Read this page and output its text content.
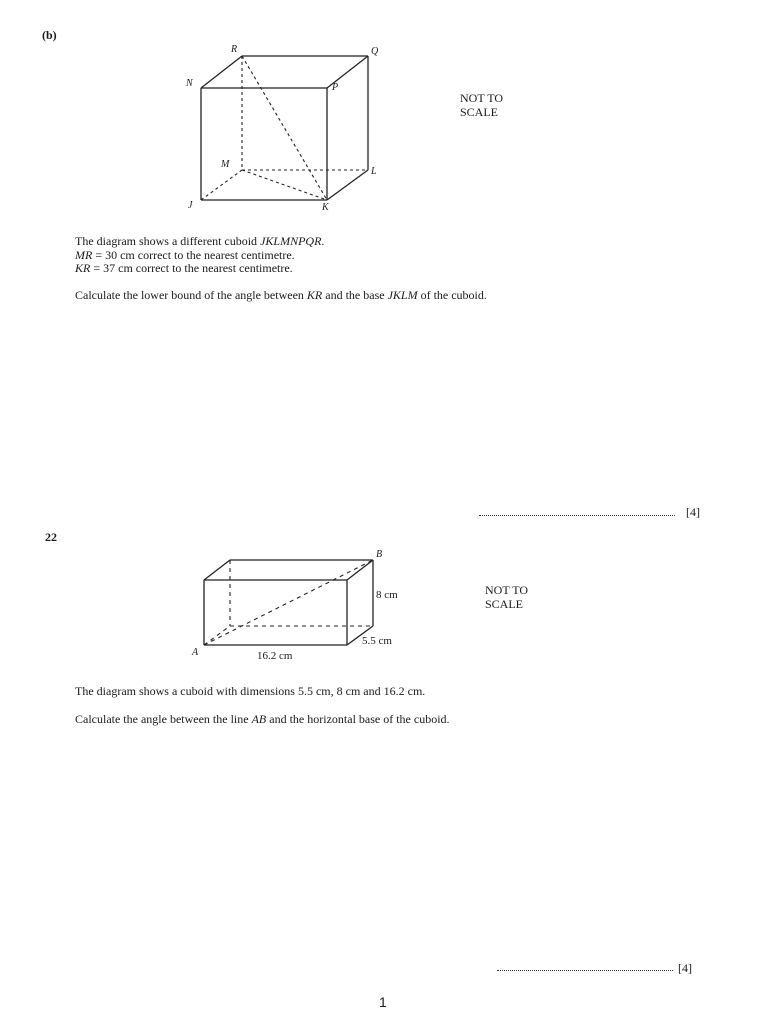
(b)
R	Q
N	P
M
L
J	K
NOT TO
SCALE
The diagram shows a different cuboid JKLMNPQR.
MR = 30 cm correct to the nearest centimetre.
KR = 37 cm correct to the nearest centimetre.
Calculate the lower bound of the angle between KR and the base JKLM of the cuboid.
[4]
22
B
A
8 cm
5.5 cm
16.2 cm
NOT TO
SCALE
The diagram shows a cuboid with dimensions 5.5 cm, 8 cm and 16.2 cm.
Calculate the angle between the line AB and the horizontal base of the cuboid.
[4]
1
